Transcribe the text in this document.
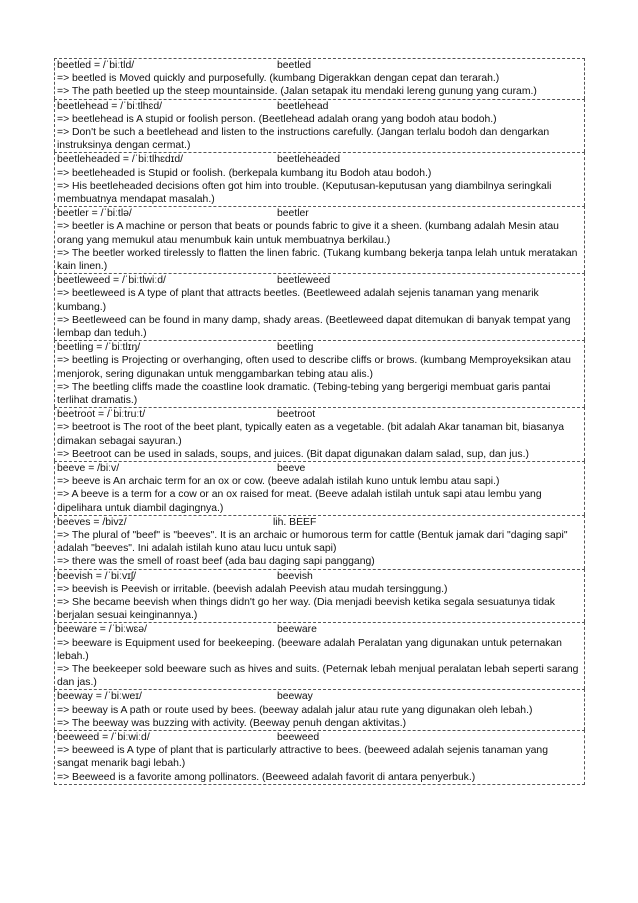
beetled = /ˈbiːtld/	beetled
=> beetled is Moved quickly and purposefully. (kumbang Digerakkan dengan cepat dan terarah.)
=> The path beetled up the steep mountainside. (Jalan setapak itu mendaki lereng gunung yang curam.)
beetlehead = /ˈbiːtlhɛd/	beetlehead
=> beetlehead is A stupid or foolish person. (Beetlehead adalah orang yang bodoh atau bodoh.)
=> Don't be such a beetlehead and listen to the instructions carefully. (Jangan terlalu bodoh dan dengarkan instruksinya dengan cermat.)
beetleheaded = /ˈbiːtlhɛdɪd/	beetleheaded
=> beetleheaded is Stupid or foolish. (berkepala kumbang itu Bodoh atau bodoh.)
=> His beetleheaded decisions often got him into trouble. (Keputusan-keputusan yang diambilnya seringkali membuatnya mendapat masalah.)
beetler = /ˈbiːtlə/	beetler
=> beetler is A machine or person that beats or pounds fabric to give it a sheen. (kumbang adalah Mesin atau orang yang memukul atau menumbuk kain untuk membuatnya berkilau.)
=> The beetler worked tirelessly to flatten the linen fabric. (Tukang kumbang bekerja tanpa lelah untuk meratakan kain linen.)
beetleweed = /ˈbiːtlwiːd/	beetleweed
=> beetleweed is A type of plant that attracts beetles. (Beetleweed adalah sejenis tanaman yang menarik kumbang.)
=> Beetleweed can be found in many damp, shady areas. (Beetleweed dapat ditemukan di banyak tempat yang lembap dan teduh.)
beetling = /ˈbiːtlɪŋ/	beetling
=> beetling is Projecting or overhanging, often used to describe cliffs or brows. (kumbang Memproyeksikan atau menjorok, sering digunakan untuk menggambarkan tebing atau alis.)
=> The beetling cliffs made the coastline look dramatic. (Tebing-tebing yang bergerigi membuat garis pantai terlihat dramatis.)
beetroot = /ˈbiːtruːt/	beetroot
=> beetroot is The root of the beet plant, typically eaten as a vegetable. (bit adalah Akar tanaman bit, biasanya dimakan sebagai sayuran.)
=> Beetroot can be used in salads, soups, and juices. (Bit dapat digunakan dalam salad, sup, dan jus.)
beeve = /biːv/	beeve
=> beeve is An archaic term for an ox or cow. (beeve adalah istilah kuno untuk lembu atau sapi.)
=> A beeve is a term for a cow or an ox raised for meat. (Beeve adalah istilah untuk sapi atau lembu yang dipelihara untuk diambil dagingnya.)
beeves = /bivz/	lih. BEEF
=> The plural of "beef" is "beeves". It is an archaic or humorous term for cattle (Bentuk jamak dari "daging sapi" adalah "beeves". Ini adalah istilah kuno atau lucu untuk sapi)
=> there was the smell of roast beef (ada bau daging sapi panggang)
beevish = /ˈbiːvɪʃ/	beevish
=> beevish is Peevish or irritable. (beevish adalah Peevish atau mudah tersinggung.)
=> She became beevish when things didn't go her way. (Dia menjadi beevish ketika segala sesuatunya tidak berjalan sesuai keinginannya.)
beeware = /ˈbiːwɛə/	beeware
=> beeware is Equipment used for beekeeping. (beeware adalah Peralatan yang digunakan untuk peternakan lebah.)
=> The beekeeper sold beeware such as hives and suits. (Peternak lebah menjual peralatan lebah seperti sarang dan jas.)
beeway = /ˈbiːweɪ/	beeway
=> beeway is A path or route used by bees. (beeway adalah jalur atau rute yang digunakan oleh lebah.)
=> The beeway was buzzing with activity. (Beeway penuh dengan aktivitas.)
beeweed = /ˈbiːwiːd/	beeweed
=> beeweed is A type of plant that is particularly attractive to bees. (beeweed adalah sejenis tanaman yang sangat menarik bagi lebah.)
=> Beeweed is a favorite among pollinators. (Beeweed adalah favorit di antara penyerbuk.)
